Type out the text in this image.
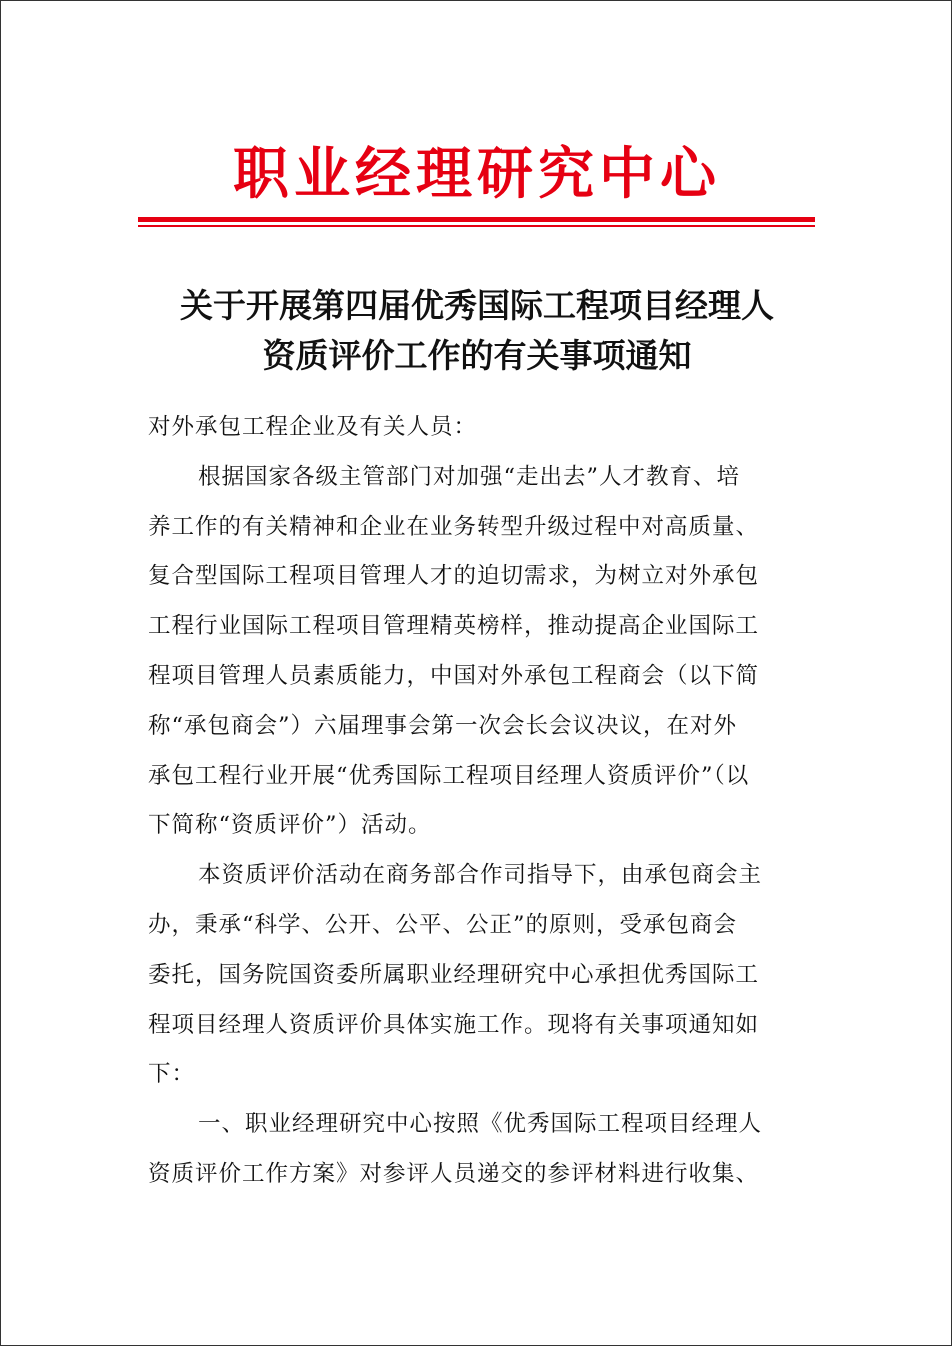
职业经理研究中心
关于开展第四届优秀国际工程项目经理人
资质评价工作的有关事项通知
对外承包工程企业及有关人员：
根据国家各级主管部门对加强“走出去”人才教育、培
养工作的有关精神和企业在业务转型升级过程中对高质量、
复合型国际工程项目管理人才的迫切需求，为树立对外承包
工程行业国际工程项目管理精英榜样，推动提高企业国际工
程项目管理人员素质能力，中国对外承包工程商会（以下简
称“承包商会”）六届理事会第一次会长会议决议，在对外
承包工程行业开展“优秀国际工程项目经理人资质评价”（以
下简称“资质评价”）活动。
本资质评价活动在商务部合作司指导下，由承包商会主
办，秉承“科学、公开、公平、公正”的原则，受承包商会
委托，国务院国资委所属职业经理研究中心承担优秀国际工
程项目经理人资质评价具体实施工作。现将有关事项通知如
下：
一、职业经理研究中心按照《优秀国际工程项目经理人
资质评价工作方案》对参评人员递交的参评材料进行收集、
